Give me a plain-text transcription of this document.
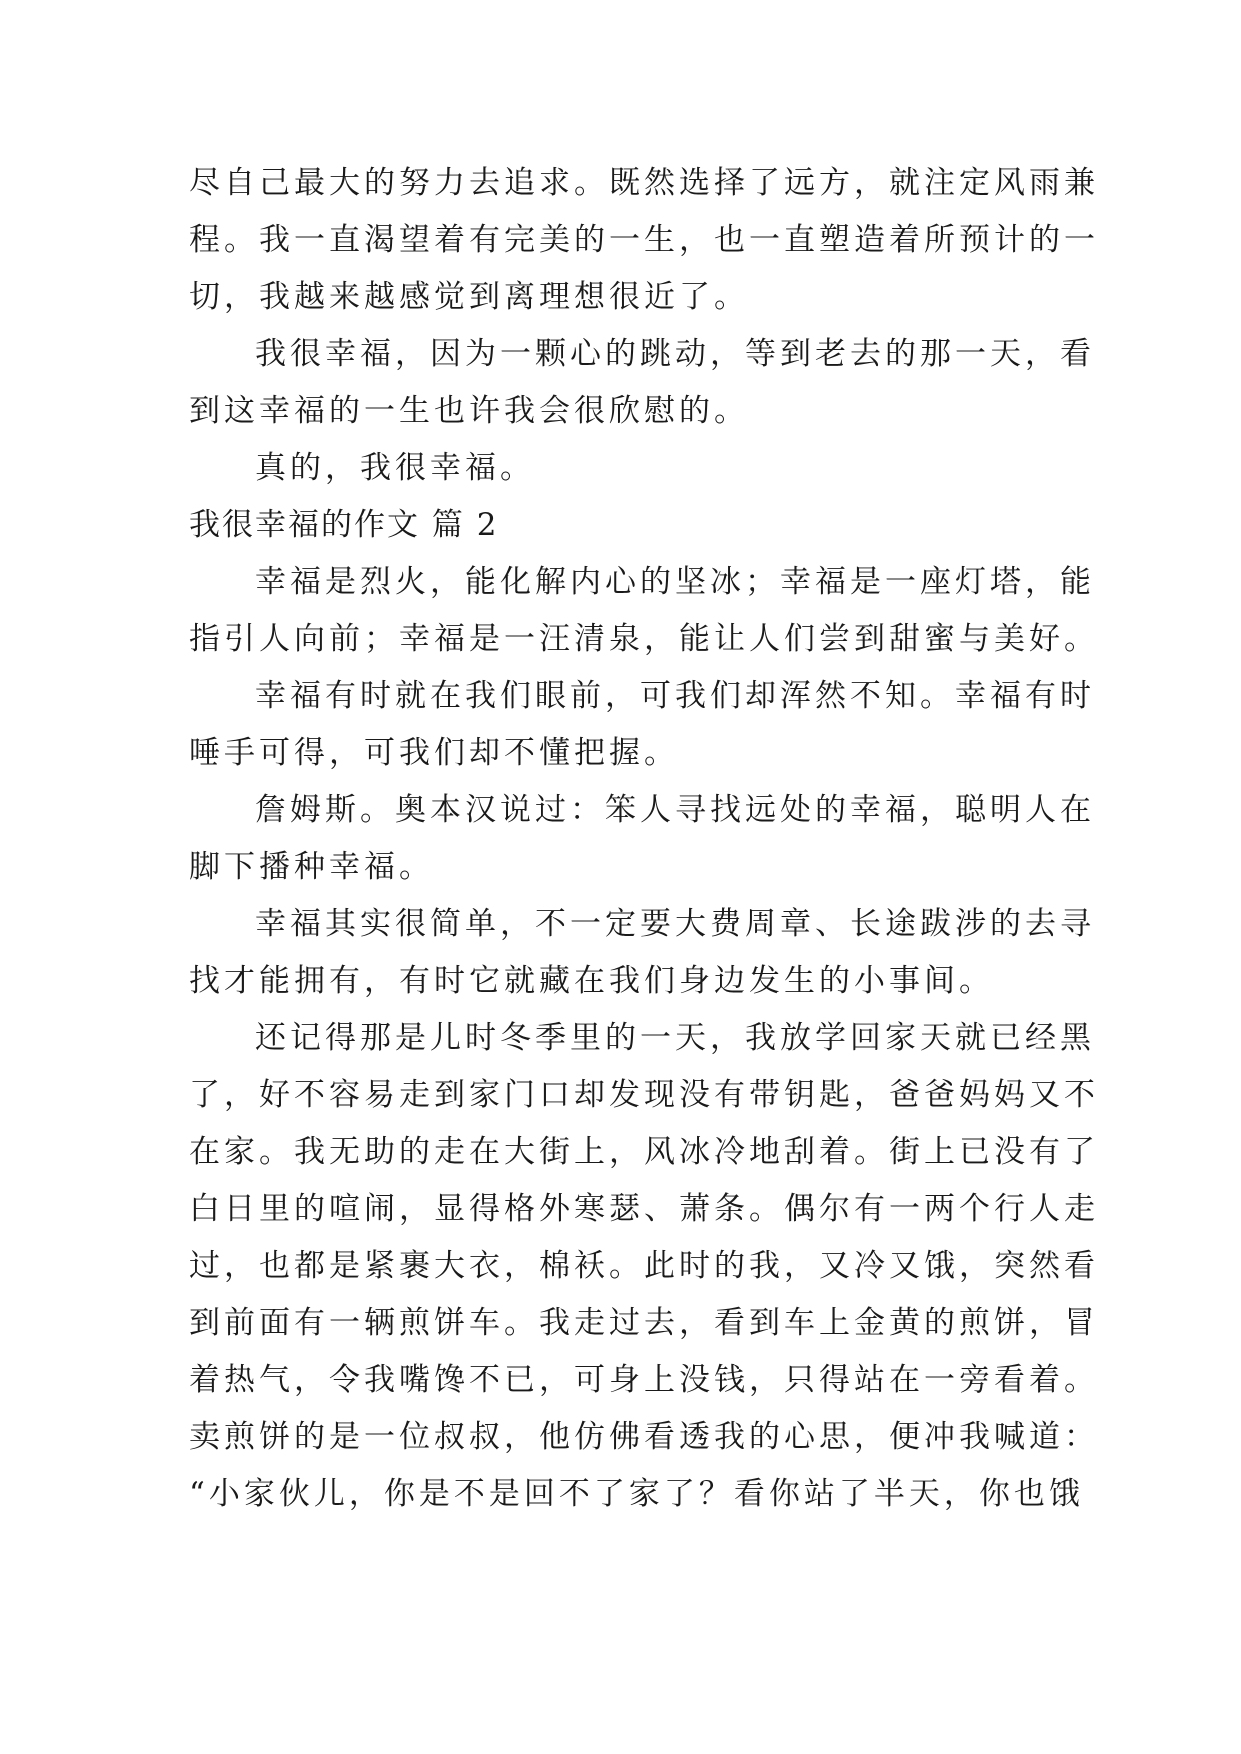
尽自己最大的努力去追求。既然选择了远方，就注定风雨兼

程。我一直渴望着有完美的一生，也一直塑造着所预计的一

切，我越来越感觉到离理想很近了。

我很幸福，因为一颗心的跳动，等到老去的那一天，看

到这幸福的一生也许我会很欣慰的。

真的，我很幸福。

我很幸福的作文 篇 2

幸福是烈火，能化解内心的坚冰；幸福是一座灯塔，能

指引人向前；幸福是一汪清泉，能让人们尝到甜蜜与美好。

幸福有时就在我们眼前，可我们却浑然不知。幸福有时

唾手可得，可我们却不懂把握。

詹姆斯。奥本汉说过：笨人寻找远处的幸福，聪明人在

脚下播种幸福。

幸福其实很简单，不一定要大费周章、长途跋涉的去寻

找才能拥有，有时它就藏在我们身边发生的小事间。

还记得那是儿时冬季里的一天，我放学回家天就已经黑

了，好不容易走到家门口却发现没有带钥匙，爸爸妈妈又不

在家。我无助的走在大街上，风冰冷地刮着。街上已没有了

白日里的喧闹，显得格外寒瑟、萧条。偶尔有一两个行人走

过，也都是紧裹大衣，棉袄。此时的我，又冷又饿，突然看

到前面有一辆煎饼车。我走过去，看到车上金黄的煎饼，冒

着热气，令我嘴馋不已，可身上没钱，只得站在一旁看着。

卖煎饼的是一位叔叔，他仿佛看透我的心思，便冲我喊道：

“小家伙儿，你是不是回不了家了？看你站了半天，你也饿
